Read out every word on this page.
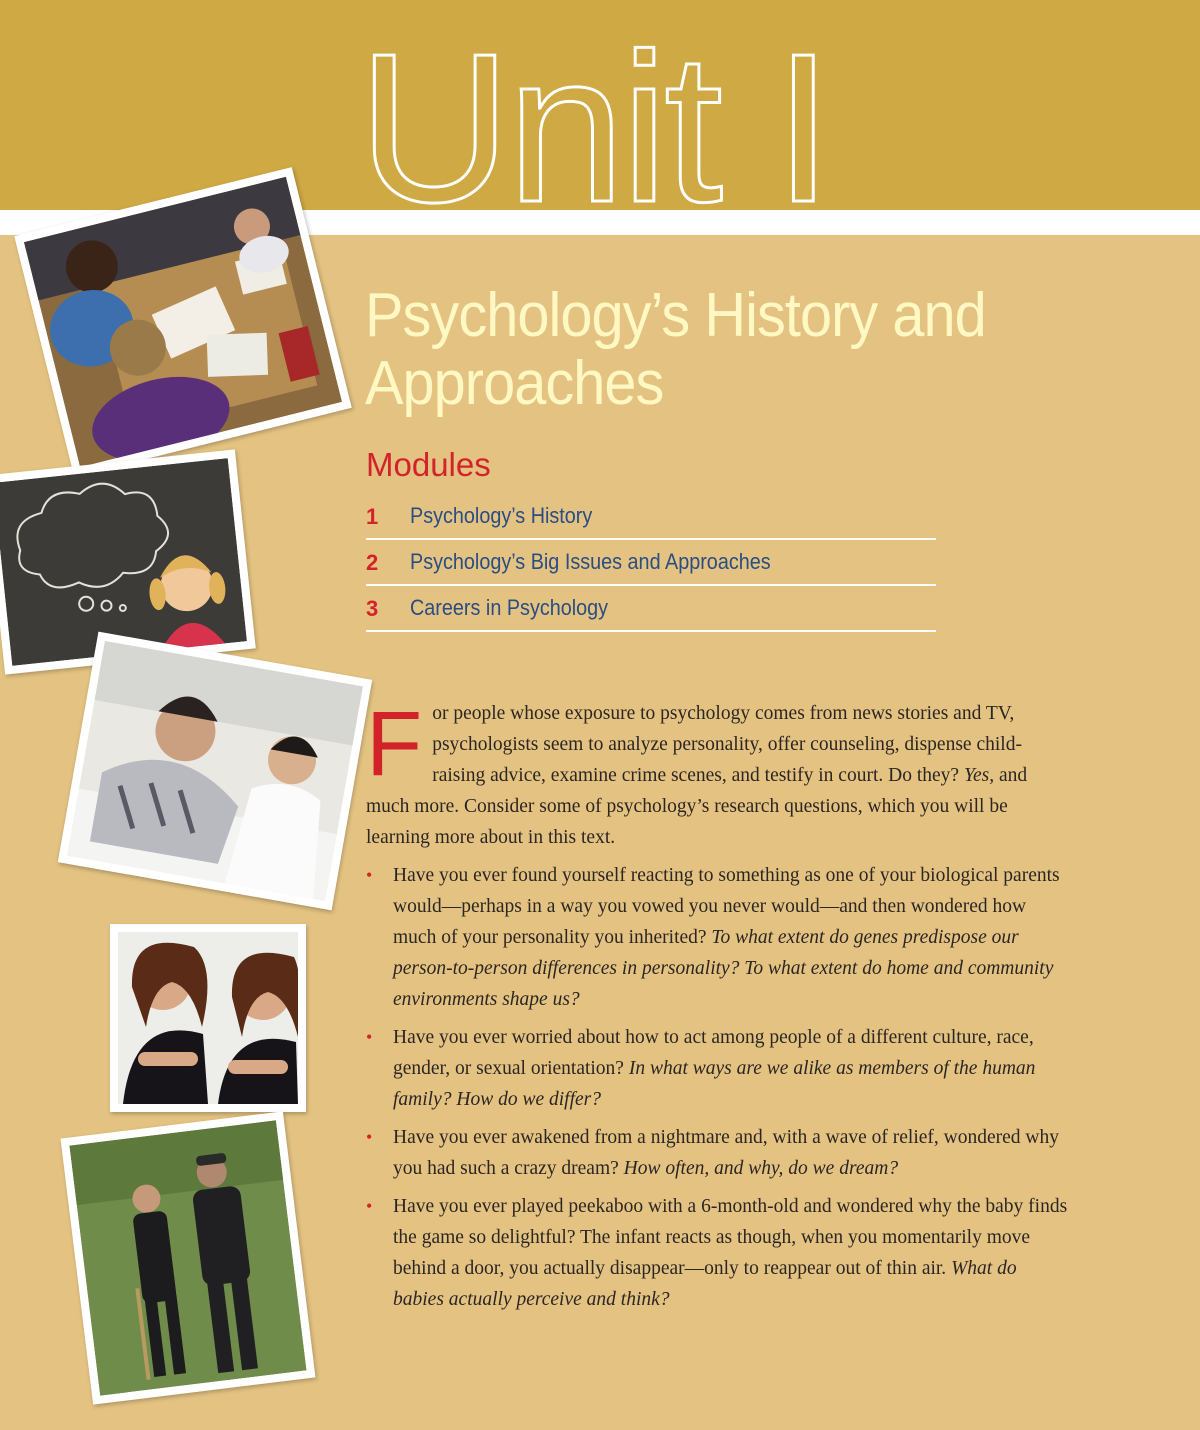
Unit I
Psychology’s History and Approaches
Modules
1 Psychology’s History
2 Psychology’s Big Issues and Approaches
3 Careers in Psychology

For people whose exposure to psychology comes from news stories and TV, psychologists seem to analyze personality, offer counseling, dispense child-raising advice, examine crime scenes, and testify in court. Do they? Yes, and much more. Consider some of psychology’s research questions, which you will be learning more about in this text.

• Have you ever found yourself reacting to something as one of your biological parents would—perhaps in a way you vowed you never would—and then wondered how much of your personality you inherited? To what extent do genes predispose our person-to-person differences in personality? To what extent do home and community environments shape us?
• Have you ever worried about how to act among people of a different culture, race, gender, or sexual orientation? In what ways are we alike as members of the human family? How do we differ?
• Have you ever awakened from a nightmare and, with a wave of relief, wondered why you had such a crazy dream? How often, and why, do we dream?
• Have you ever played peekaboo with a 6-month-old and wondered why the baby finds the game so delightful? The infant reacts as though, when you momentarily move behind a door, you actually disappear—only to reappear out of thin air. What do babies actually perceive and think?
